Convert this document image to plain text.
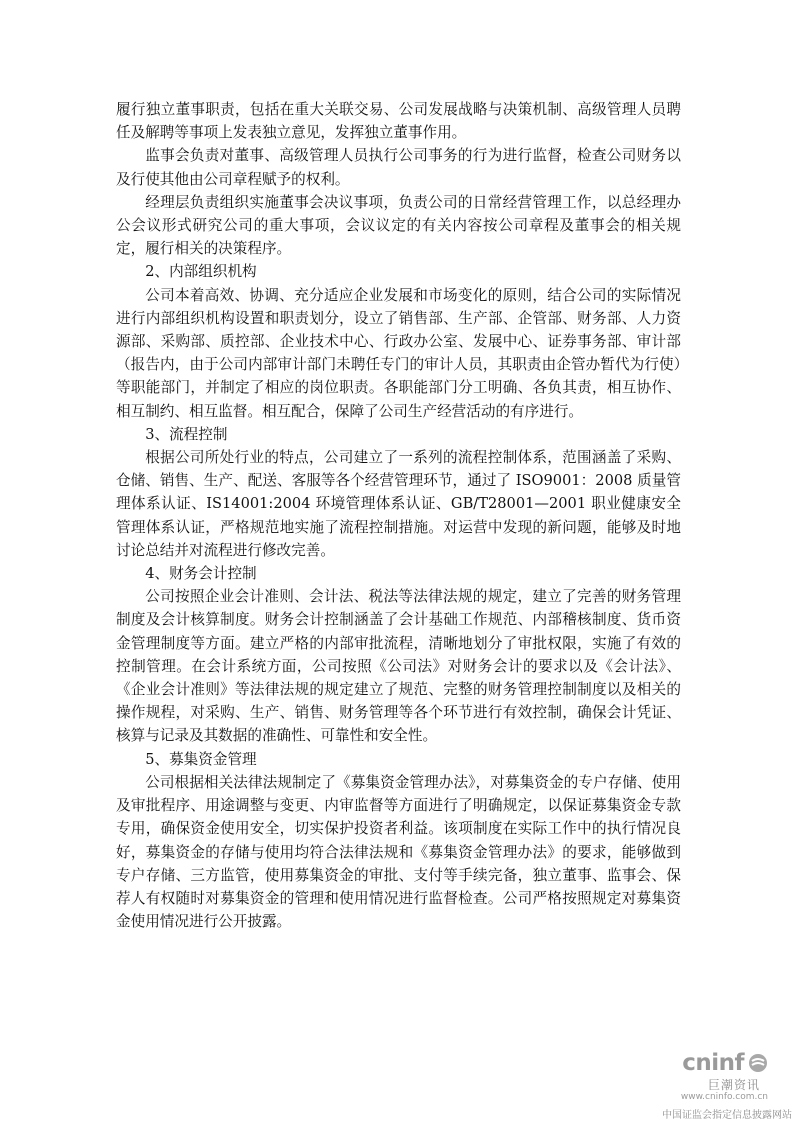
履行独立董事职责，包括在重大关联交易、公司发展战略与决策机制、高级管理人员聘任及解聘等事项上发表独立意见，发挥独立董事作用。

监事会负责对董事、高级管理人员执行公司事务的行为进行监督，检查公司财务以及行使其他由公司章程赋予的权利。

经理层负责组织实施董事会决议事项，负责公司的日常经营管理工作，以总经理办公会议形式研究公司的重大事项，会议议定的有关内容按公司章程及董事会的相关规定，履行相关的决策程序。

2、内部组织机构

公司本着高效、协调、充分适应企业发展和市场变化的原则，结合公司的实际情况进行内部组织机构设置和职责划分，设立了销售部、生产部、企管部、财务部、人力资源部、采购部、质控部、企业技术中心、行政办公室、发展中心、证券事务部、审计部（报告内，由于公司内部审计部门未聘任专门的审计人员，其职责由企管办暂代为行使）等职能部门，并制定了相应的岗位职责。各职能部门分工明确、各负其责，相互协作、相互制约、相互监督。相互配合，保障了公司生产经营活动的有序进行。

3、流程控制

根据公司所处行业的特点，公司建立了一系列的流程控制体系，范围涵盖了采购、仓储、销售、生产、配送、客服等各个经营管理环节，通过了 ISO9001：2008 质量管理体系认证、IS14001:2004 环境管理体系认证、GB/T28001—2001 职业健康安全管理体系认证，严格规范地实施了流程控制措施。对运营中发现的新问题，能够及时地讨论总结并对流程进行修改完善。

4、财务会计控制

公司按照企业会计准则、会计法、税法等法律法规的规定，建立了完善的财务管理制度及会计核算制度。财务会计控制涵盖了会计基础工作规范、内部稽核制度、货币资金管理制度等方面。建立严格的内部审批流程，清晰地划分了审批权限，实施了有效的控制管理。在会计系统方面，公司按照《公司法》对财务会计的要求以及《会计法》、《企业会计准则》等法律法规的规定建立了规范、完整的财务管理控制制度以及相关的操作规程，对采购、生产、销售、财务管理等各个环节进行有效控制，确保会计凭证、核算与记录及其数据的准确性、可靠性和安全性。

5、募集资金管理

公司根据相关法律法规制定了《募集资金管理办法》，对募集资金的专户存储、使用及审批程序、用途调整与变更、内审监督等方面进行了明确规定，以保证募集资金专款专用，确保资金使用安全，切实保护投资者利益。该项制度在实际工作中的执行情况良好，募集资金的存储与使用均符合法律法规和《募集资金管理办法》的要求，能够做到专户存储、三方监管，使用募集资金的审批、支付等手续完备，独立董事、监事会、保荐人有权随时对募集资金的管理和使用情况进行监督检查。公司严格按照规定对募集资金使用情况进行公开披露。

cninf
巨潮资讯
www.cninfo.com.cn
中国证监会指定信息披露网站
